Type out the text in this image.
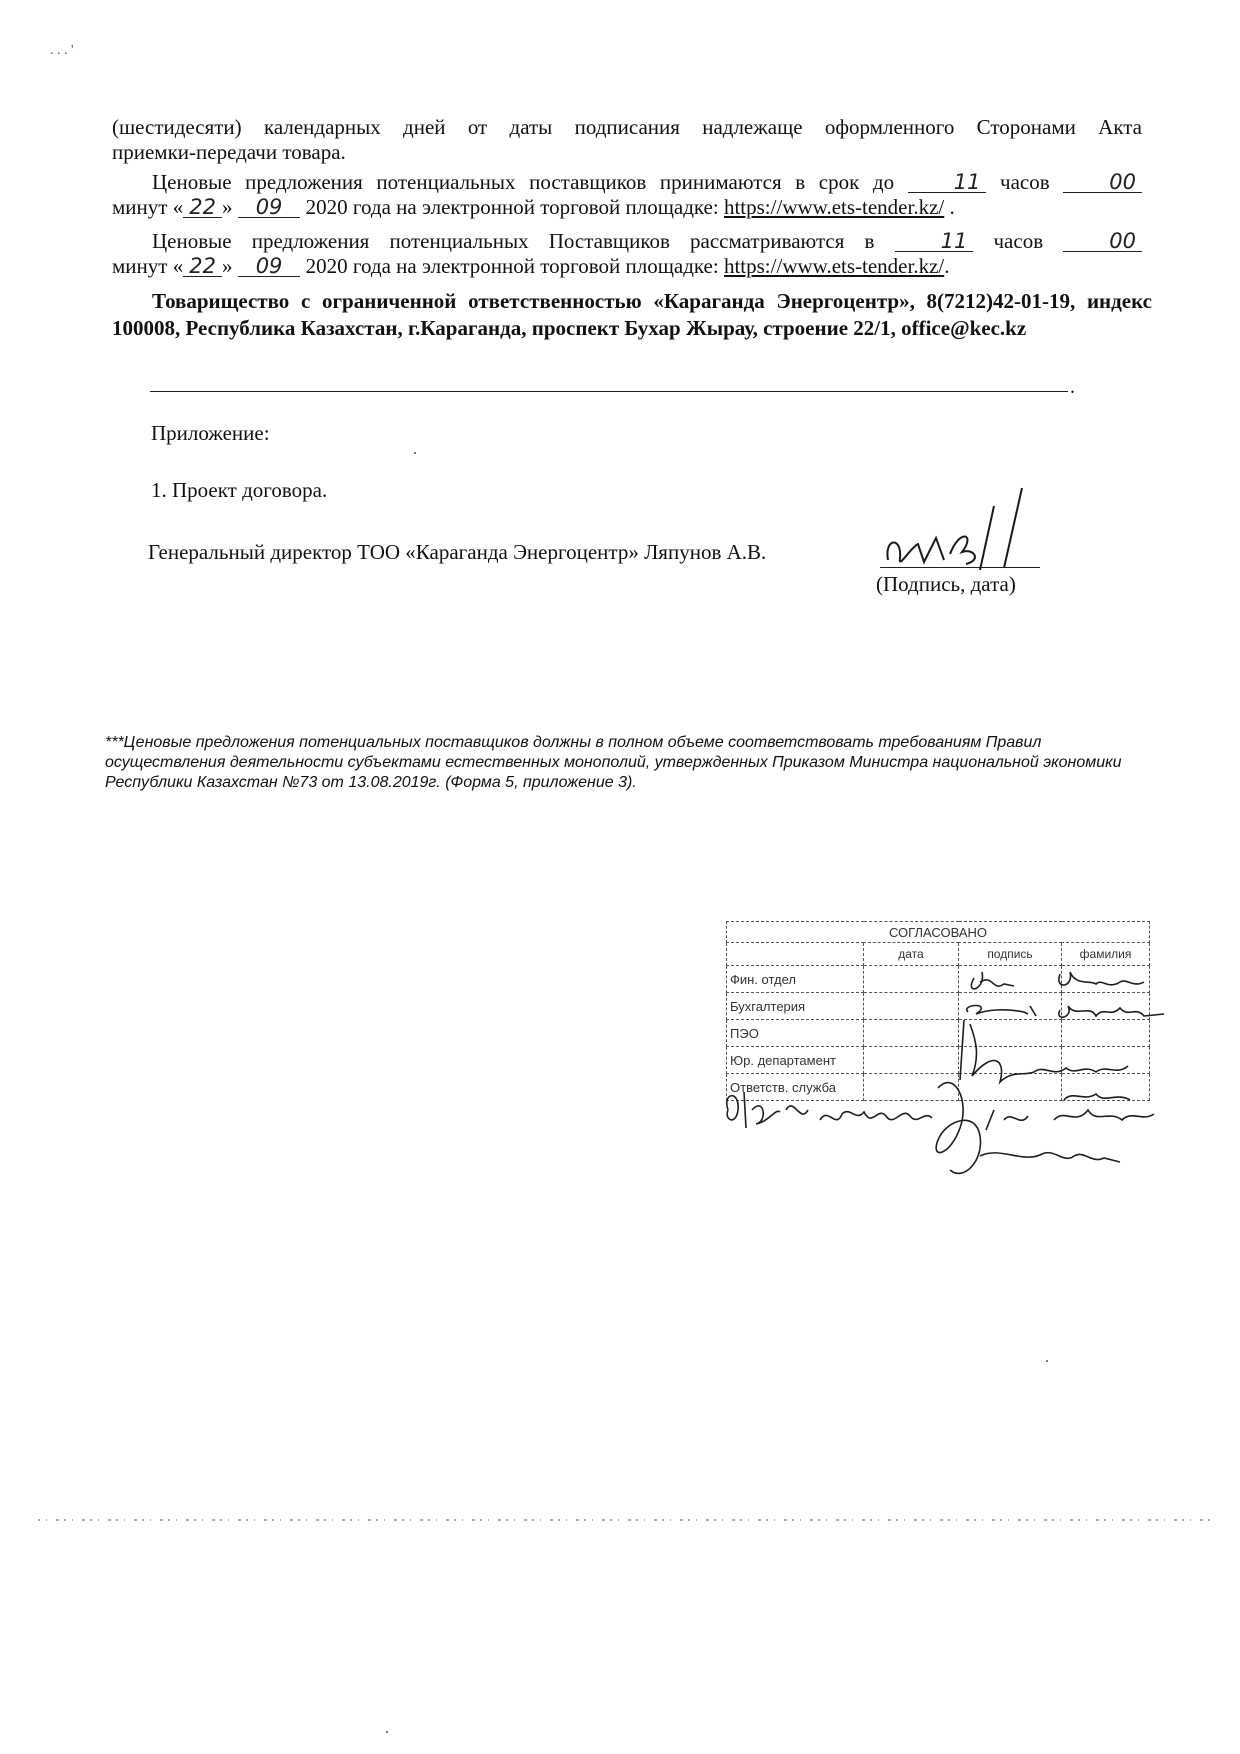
. . . '
(шестидесяти) календарных дней от даты подписания надлежаще оформленного Сторонами Акта
приемки-передачи товара.
Ценовые предложения потенциальных поставщиков принимаются в срок до	11 часов	00
минут « 22 » 09 2020 года на электронной торговой площадке: https://www.ets-tender.kz/ .
Ценовые предложения потенциальных Поставщиков рассматриваются в	11 часов	00
минут « 22 » 09 2020 года на электронной торговой площадке: https://www.ets-tender.kz/.
Товарищество с ограниченной ответственностью «Караганда Энергоцентр», 8(7212)42-01-19, индекс 100008, Республика Казахстан, г.Караганда, проспект Бухар Жырау, строение 22/1, office@kec.kz
.
Приложение:
1. Проект договора.
Генеральный директор ТОО «Караганда Энергоцентр» Ляпунов А.В.
(Подпись, дата)
***Ценовые предложения потенциальных поставщиков должны в полном объеме соответствовать требованиям Правил осуществления деятельности субъектами естественных монополий, утвержденных Приказом Министра национальной экономики Республики Казахстан №73 от 13.08.2019г. (Форма 5, приложение 3).
СОГЛАСОВАНО			
	дата	подпись	фамилия
Фин. отдел			
Бухгалтерия			
ПЭО			
Юр. департамент			
Ответств. служба			
